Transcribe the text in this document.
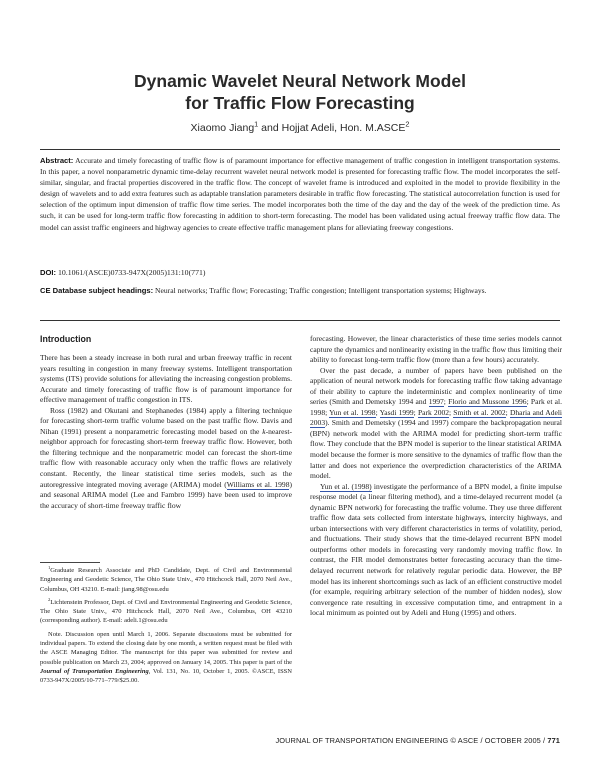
Dynamic Wavelet Neural Network Model
for Traffic Flow Forecasting
Xiaomo Jiang$^1$ and Hojjat Adeli, Hon. M.ASCE$^2$
Abstract: Accurate and timely forecasting of traffic flow is of paramount importance for effective management of traffic congestion in intelligent transportation systems. In this paper, a novel nonparametric dynamic time-delay recurrent wavelet neural network model is presented for forecasting traffic flow. The model incorporates the self-similar, singular, and fractal properties discovered in the traffic flow. The concept of wavelet frame is introduced and exploited in the model to provide flexibility in the design of wavelets and to add extra features such as adaptable translation parameters desirable in traffic flow forecasting. The statistical autocorrelation function is used for selection of the optimum input dimension of traffic flow time series. The model incorporates both the time of the day and the day of the week of the prediction time. As such, it can be used for long-term traffic flow forecasting in addition to short-term forecasting. The model has been validated using actual freeway traffic flow data. The model can assist traffic engineers and highway agencies to create effective traffic management plans for alleviating freeway congestions.
DOI: 10.1061/(ASCE)0733-947X(2005)131:10(771)
CE Database subject headings: Neural networks; Traffic flow; Forecasting; Traffic congestion; Intelligent transportation systems; Highways.
Introduction

There has been a steady increase in both rural and urban freeway traffic in recent years resulting in congestion in many freeway systems. Intelligent transportation systems (ITS) provide solutions for alleviating the increasing congestion problems. Accurate and timely forecasting of traffic flow is of paramount importance for effective management of traffic congestion in ITS.

Ross (1982) and Okutani and Stephanedes (1984) apply a filtering technique for forecasting short-term traffic volume based on the past traffic flow. Davis and Nihan (1991) present a nonparametric forecasting model based on the k-nearest-neighbor approach for forecasting short-term freeway traffic flow. However, both the filtering technique and the nonparametric model can forecast the short-time traffic flow with reasonable accuracy only when the traffic flows are relatively constant. Recently, the linear statistical time series models, such as the autoregressive integrated moving average (ARIMA) model (Williams et al. 1998) and seasonal ARIMA model (Lee and Fambro 1999) have been used to improve the accuracy of short-time freeway traffic flow

$^1$Graduate Research Associate and PhD Candidate, Dept. of Civil and Environmental Engineering and Geodetic Science, The Ohio State Univ., 470 Hitchcock Hall, 2070 Neil Ave., Columbus, OH 43210. E-mail: jiang.98@osu.edu

$^2$Lichtenstein Professor, Dept. of Civil and Environmental Engineering and Geodetic Science, The Ohio State Univ., 470 Hitchcock Hall, 2070 Neil Ave., Columbus, OH 43210 (corresponding author). E-mail: adeli.1@osu.edu

Note. Discussion open until March 1, 2006. Separate discussions must be submitted for individual papers. To extend the closing date by one month, a written request must be filed with the ASCE Managing Editor. The manuscript for this paper was submitted for review and possible publication on March 23, 2004; approved on January 14, 2005. This paper is part of the Journal of Transportation Engineering, Vol. 131, No. 10, October 1, 2005. ©ASCE, ISSN 0733-947X/2005/10-771–779/$25.00.

forecasting. However, the linear characteristics of these time series models cannot capture the dynamics and nonlinearity existing in the traffic flow thus limiting their ability to forecast long-term traffic flow (more than a few hours) accurately.

Over the past decade, a number of papers have been published on the application of neural network models for forecasting traffic flow taking advantage of their ability to capture the indeterministic and complex nonlinearity of time series (Smith and Demetsky 1994 and 1997; Florio and Mussone 1996; Park et al. 1998; Yun et al. 1998; Yasdi 1999; Park 2002; Smith et al. 2002; Dharia and Adeli 2003). Smith and Demetsky (1994 and 1997) compare the backpropagation neural (BPN) network model with the ARIMA model for predicting short-term traffic flow. They conclude that the BPN model is superior to the linear statistical ARIMA model because the former is more sensitive to the dynamics of traffic flow than the latter and does not experience the overprediction characteristics of the ARIMA model.

Yun et al. (1998) investigate the performance of a BPN model, a finite impulse response model (a linear filtering method), and a time-delayed recurrent model (a dynamic BPN network) for forecasting the traffic volume. They use three different traffic flow data sets collected from interstate highways, intercity highways, and urban intersections with very different characteristics in terms of volatility, period, and fluctuations. Their study shows that the time-delayed recurrent BPN model outperforms other models in forecasting very randomly moving traffic flow. In contrast, the FIR model demonstrates better forecasting accuracy than the time-delayed recurrent network for relatively regular periodic data. However, the BP model has its inherent shortcomings such as lack of an efficient constructive model (for example, requiring arbitrary selection of the number of hidden nodes), slow convergence rate resulting in excessive computation time, and entrapment in a local minimum as pointed out by Adeli and Hung (1995) and others.

JOURNAL OF TRANSPORTATION ENGINEERING © ASCE / OCTOBER 2005 / 771
